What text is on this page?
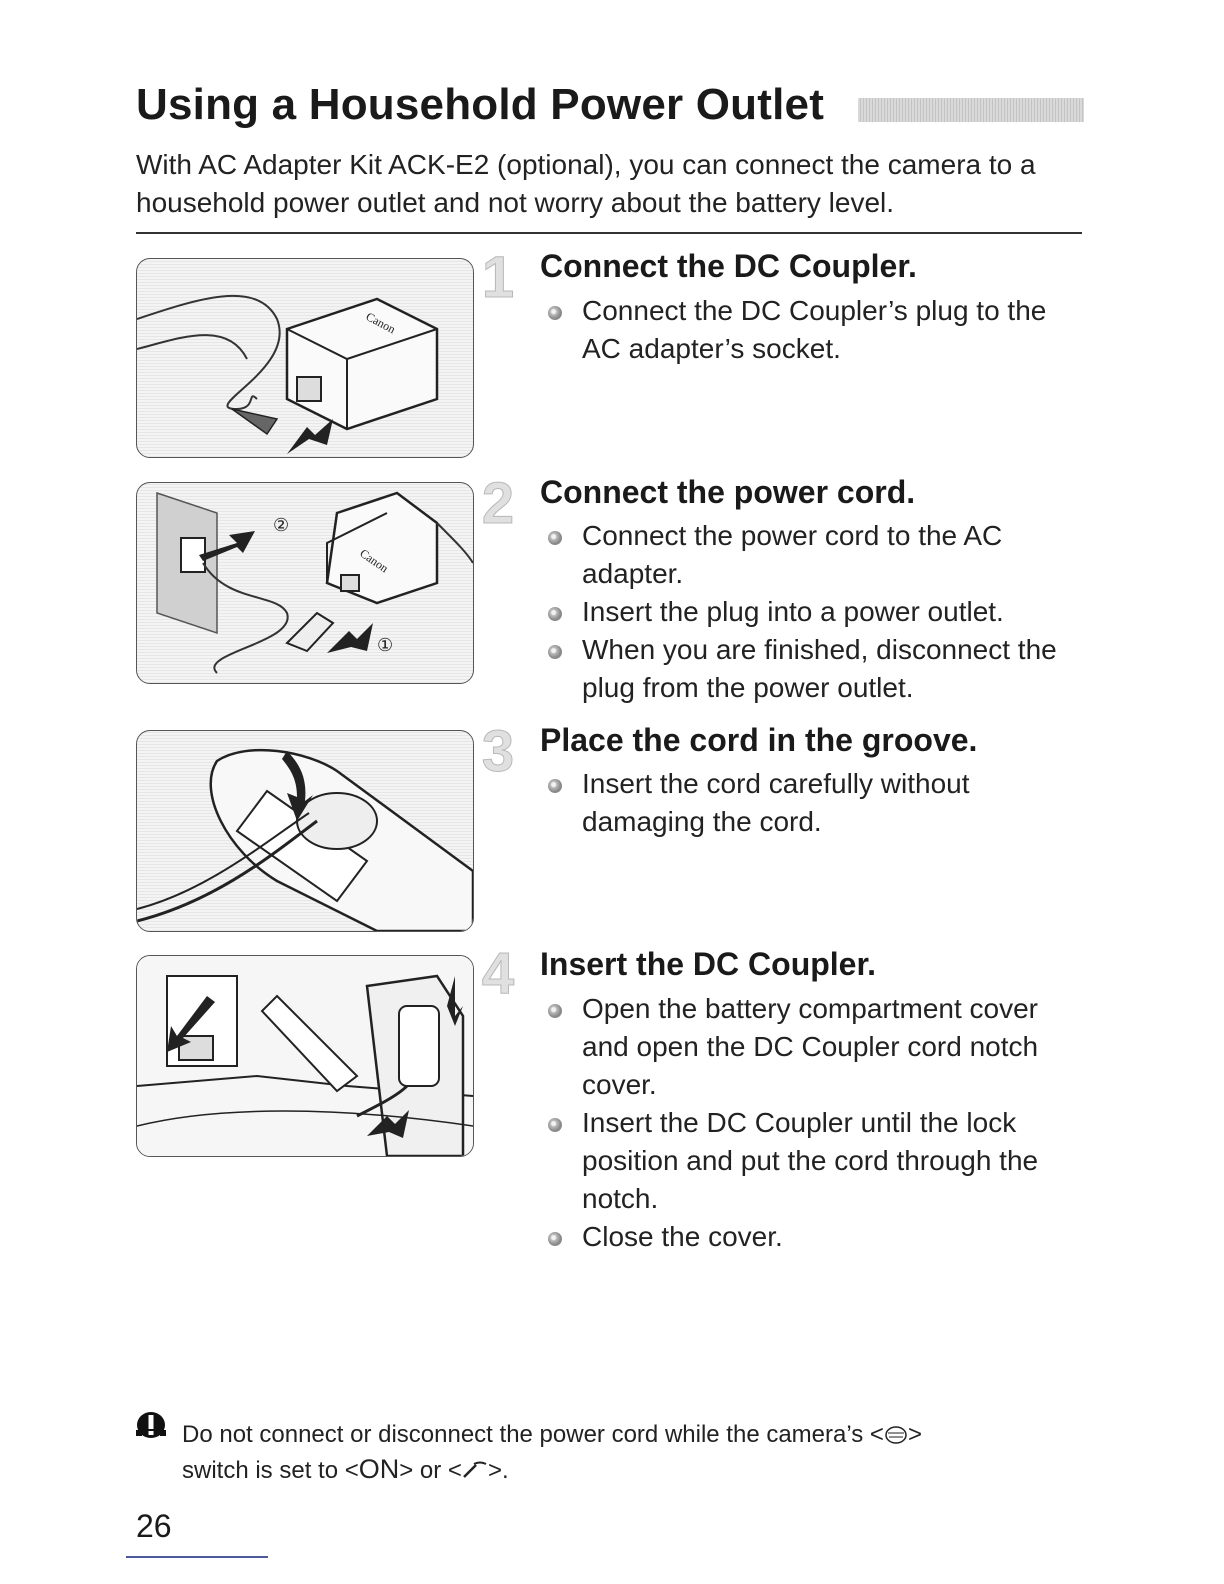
Using a Household Power Outlet

With AC Adapter Kit ACK-E2 (optional), you can connect the camera to a household power outlet and not worry about the battery level.

Canon
1 Connect the DC Coupler.
Connect the DC Coupler’s plug to the AC adapter’s socket.
②
Canon
①
2 Connect the power cord.
Connect the power cord to the AC adapter.
Insert the plug into a power outlet.
When you are finished, disconnect the plug from the power outlet.
3 Place the cord in the groove.
Insert the cord carefully without damaging the cord.
4 Insert the DC Coupler.
Open the battery compartment cover and open the DC Coupler cord notch cover.
Insert the DC Coupler until the lock position and put the cord through the notch.
Close the cover.

Do not connect or disconnect the power cord while the camera’s < >
switch is set to <ON> or < >.

26
